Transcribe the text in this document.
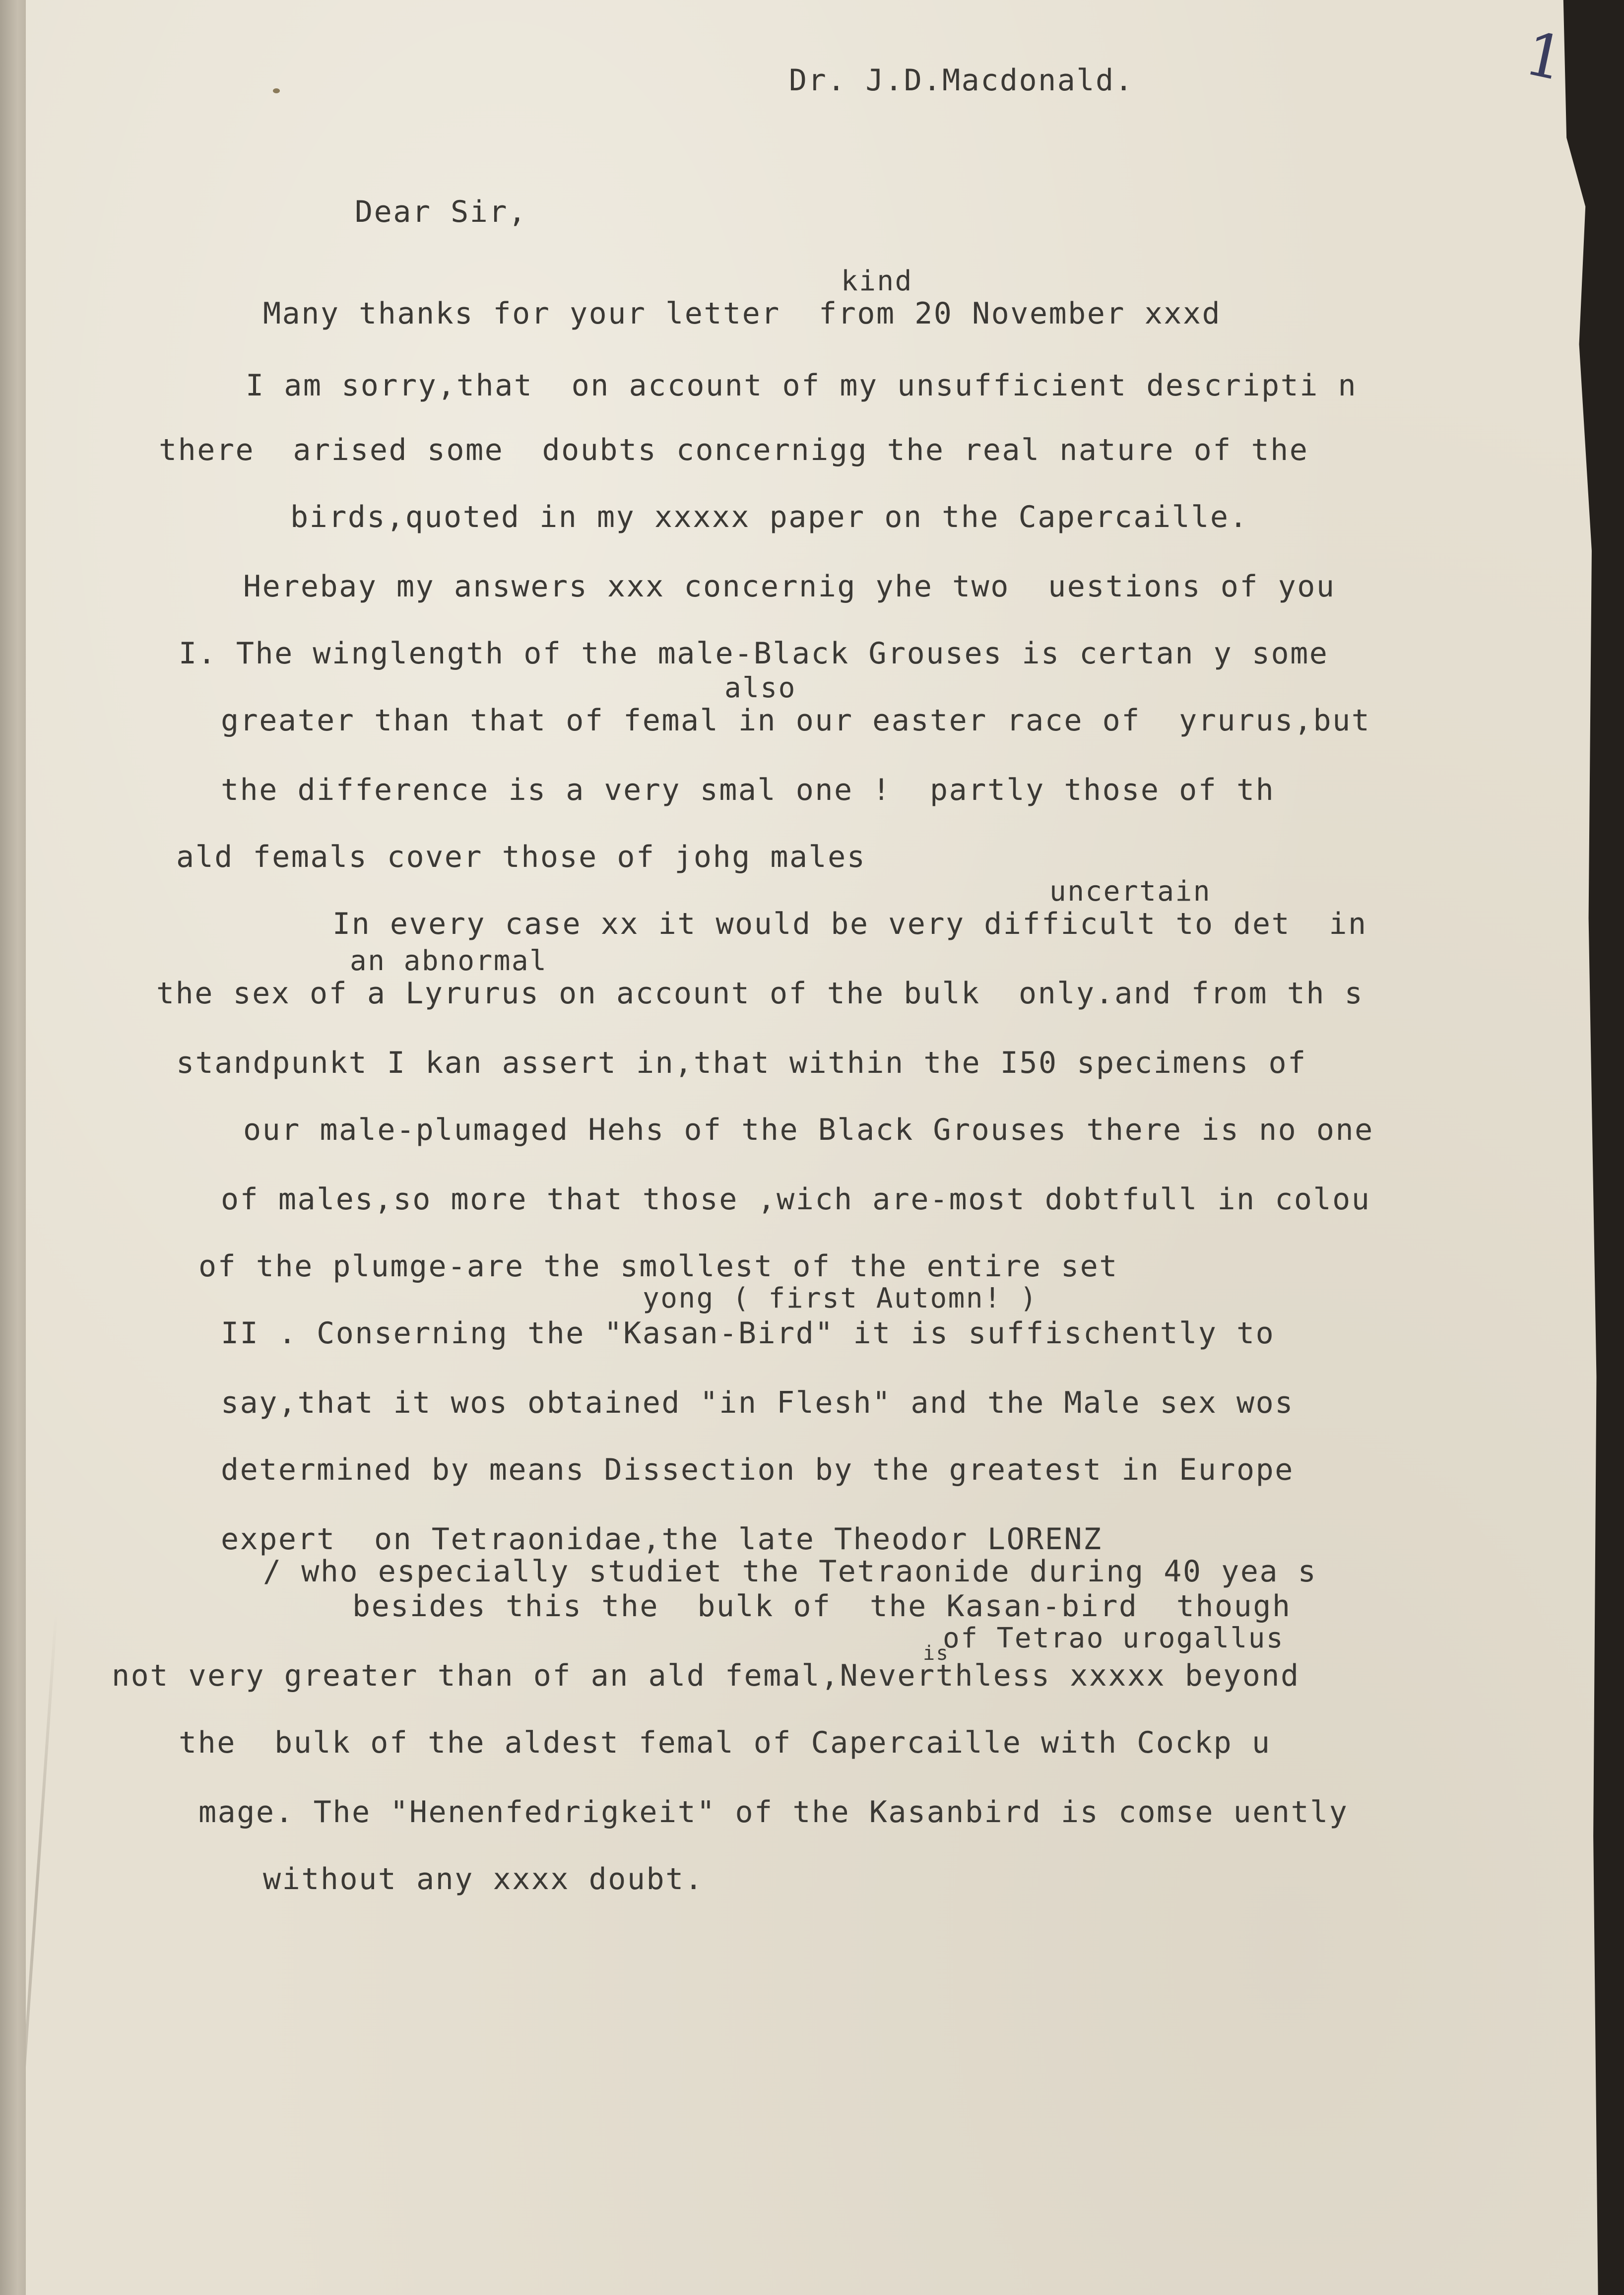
1

Dr. J.D.Macdonald.

Dear Sir,

kind

Many thanks for your letter  from 20 November xxxd

I am sorry,that  on account of my unsufficient descripti n

there  arised some  doubts concernigg the real nature of the

birds,quoted in my xxxxx paper on the Capercaille.

Herebay my answers xxx concernig yhe two  uestions of you

I. The winglength of the male-Black Grouses is certan y some

also

greater than that of femal in our easter race of  yrurus,but

the difference is a very smal one !  partly those of th

ald femals cover those of johg males

uncertain

In every case xx it would be very difficult to det  in

an abnormal

the sex of a Lyrurus on account of the bulk  only.and from th s

standpunkt I kan assert in,that within the I50 specimens of

our male-plumaged Hehs of the Black Grouses there is no one

of males,so more that those ,wich are-most dobtfull in colou

of the plumge-are the smollest of the entire set

yong ( first Automn! )

II . Conserning the "Kasan-Bird" it is suffischently to

say,that it wos obtained "in Flesh" and the Male sex wos

determined by means Dissection by the greatest in Europe

expert  on Tetraonidae,the late Theodor LORENZ

/ who especially studiet the Tetraonide during 40 yea s

besides this the  bulk of  the Kasan-bird  though

of Tetrao urogallus

is

not very greater than of an ald femal,Neverthless xxxxx beyond

the  bulk of the aldest femal of Capercaille with Cockp u

mage. The "Henenfedrigkeit" of the Kasanbird is comse uently

without any xxxx doubt.
